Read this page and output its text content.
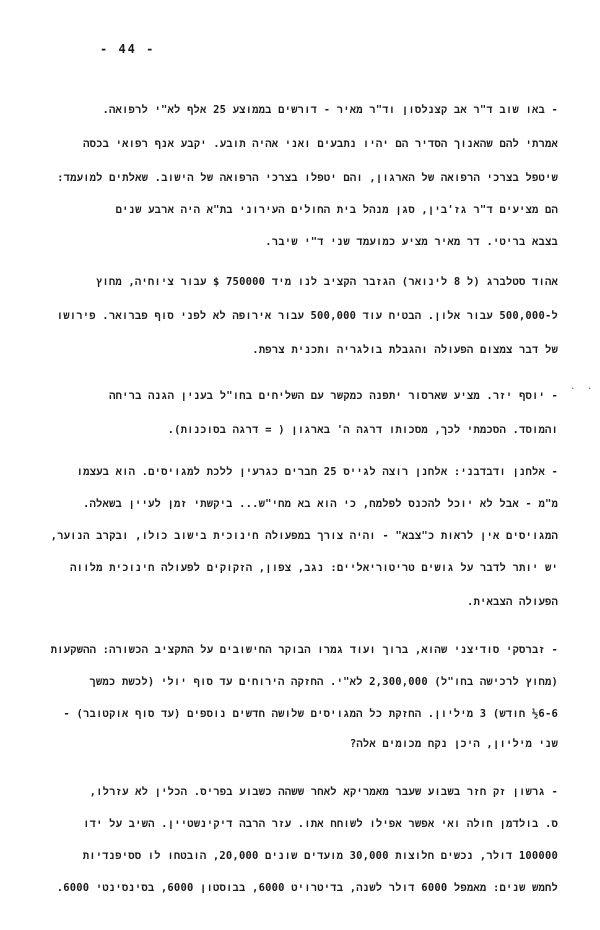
- 44 -
- באו שוב ד"ר אב קצנלסון וד"ר מאיר - דורשים בממוצע 25 אלף לא"י לרפואה.
אמרתי להם שהאנוך הסדיר הם יהיו נתבעים ואני אהיה תובע. יקבע אנף רפואי בכסה
שיטפל בצרכי הרפואה של הארגון, והם יטפלו בצרכי הרפואה של הישוב. שאלתים למועמד:
הם מציעים ד"ר גז'בין, סגן מנהל בית החולים העירוני בת"א היה ארבע שנים
בצבא בריטי. דר מאיר מציע כמועמד שני ד"י שיבר.
אהוד סטלברג (ל 8 לינואר) הגזבר הקציב לנו מיד 750000 $ עבור ציוחיה, מחוץ
ל-500,000 עבור אלון. הבטיח עוד 500,000 עבור אירופה לא לפני סוף פברואר. פירושו
של דבר צמצום הפעולה והגבלת בולגריה ותכנית צרפת.
- יוסף יזר. מציע שארסור יתפנה כמקשר עם השליחים בחו"ל בענין הגנה בריחה
והמוסד. הסכמתי לכך, מסכותו דרגה ה' בארגון ( = דרגה בסוכנות).
- אלחנן ודבדבני: אלחנן רוצה לגייס 25 חברים כגרעין ללכת למגויסים. הוא בעצמו
מ"מ - אבל לא יוכל להכנס לפלמח, כי הוא בא מחי"ש... ביקשתי זמן לעיין בשאלה.
המגויסים אין לראות כ"צבא" - והיה צורך במפעולה חינוכית בישוב כולו, ובקרב הנוער,
יש יותר לדבר על גושים טריטוריאליים: נגב, צפון, הזקוקים לפעולה חינוכית מלווה
הפעולה הצבאית.
- זברסקי סודיצני שהוא, ברוך ועוד גמרו הבוקר החישובים על התקציב הכשורה: ההשקעות
(מחוץ לרכישה בחו"ל) 2,300,000 לא"י. החזקה הירוחים עד סוף יולי (לכשת כמשך
6-6½ חודש) 3 מיליון. החזקת כל המגויסים שלושה חדשים נוספים (עד סוף אוקטובר) -
שני מיליון, היכן נקח מכומים אלה?
- גרשון זק חזר בשבוע שעבר מאמריקא לאחר ששהה כשבוע בפריס. הכלין לא עזרלו,
ס. בולדמן חולה ואי אפשר אפילו לשוחח אתו. עזר הרבה דיקינשטיין. השיב על ידו
100000 דולר, נכשים חלוצות 30,000 מועדים שונים 20,000, הובטחו לו ססיפנדיות
לחמש שנים: מאמפל 6000 דולר לשנה, בדיטרויט 6000, בבוסטון 6000, בסינסינטי 6000.
. .
